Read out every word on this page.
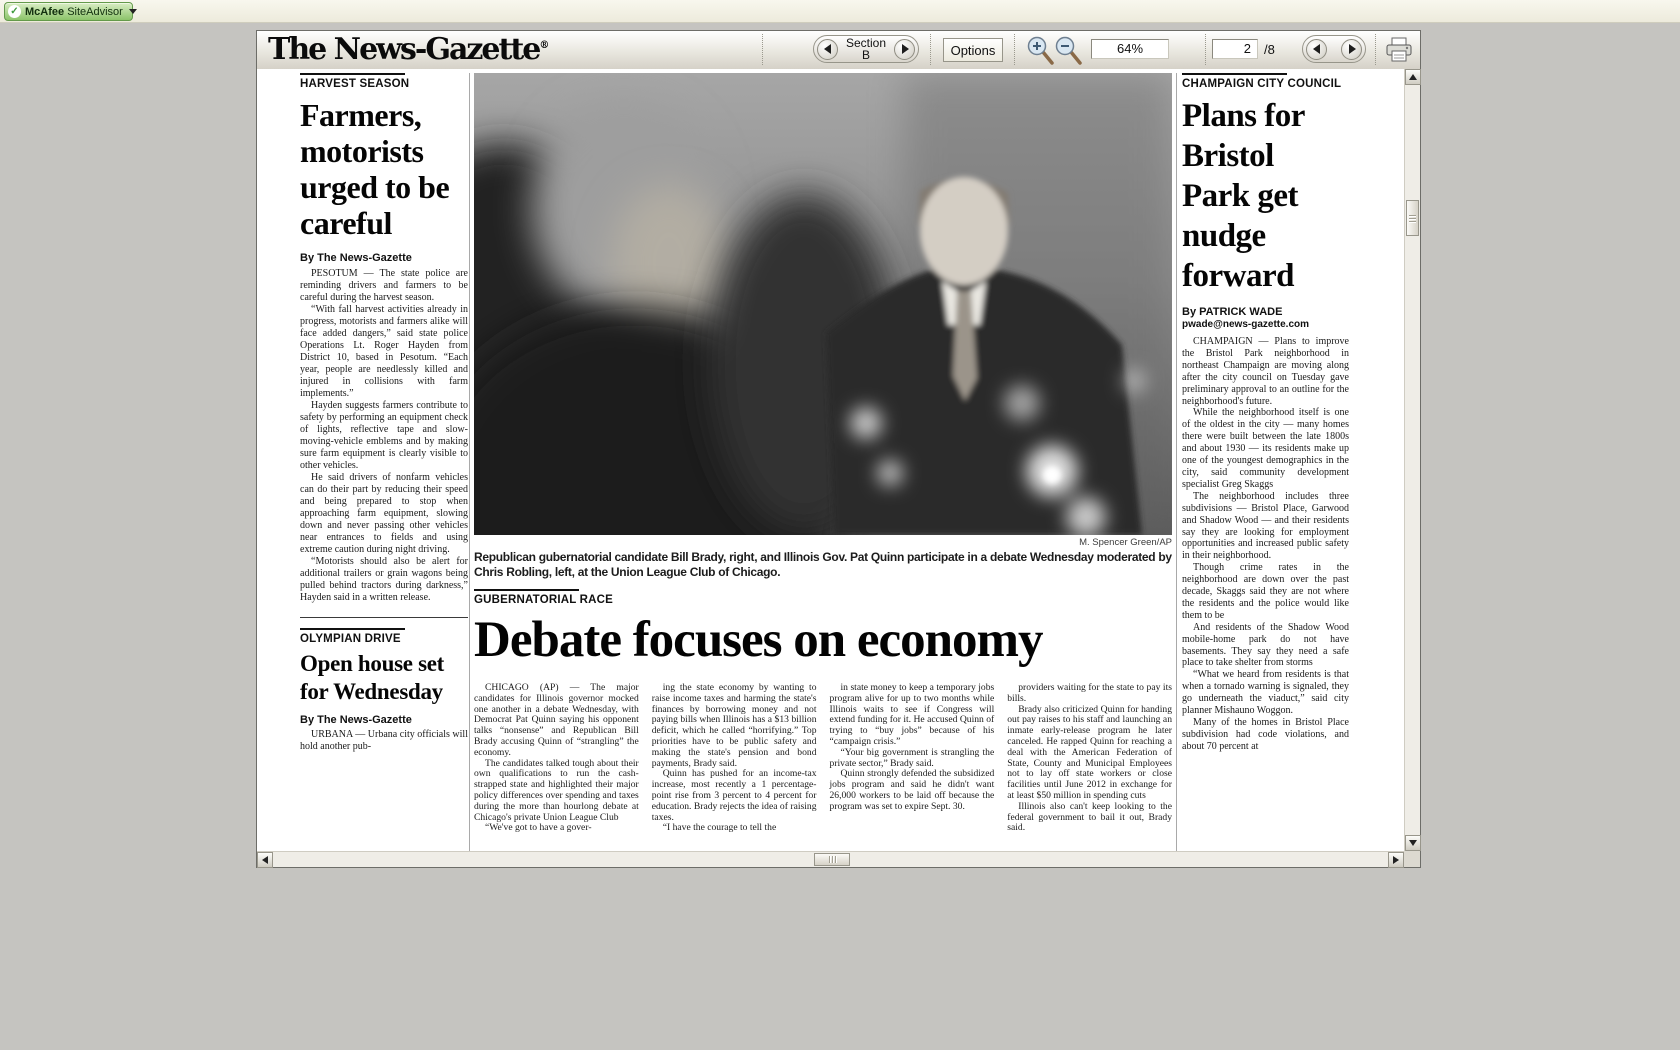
✓ McAfee SiteAdvisor
The News-Gazette®	Section
B	Options	64%	2	/8
HARVEST SEASON
Farmers, motorists urged to be careful
By The News-Gazette

PESOTUM — The state police are reminding drivers and farmers to be careful during the harvest season.

“With fall harvest activities already in progress, motorists and farmers alike will face added dangers,” said state police Operations Lt. Roger Hayden from District 10, based in Pesotum. “Each year, people are needlessly killed and injured in collisions with farm implements.”

Hayden suggests farmers contribute to safety by performing an equipment check of lights, reflective tape and slow-moving-vehicle emblems and by making sure farm equipment is clearly visible to other vehicles.

He said drivers of nonfarm vehicles can do their part by reducing their speed and being prepared to stop when approaching farm equipment, slowing down and never passing other vehicles near entrances to fields and using extreme caution during night driving.

“Motorists should also be alert for additional trailers or grain wagons being pulled behind tractors during darkness,” Hayden said in a written release.

OLYMPIAN DRIVE
Open house set for Wednesday
By The News-Gazette

URBANA — Urbana city officials will hold another pub-

M. Spencer Green/AP
Republican gubernatorial candidate Bill Brady, right, and Illinois Gov. Pat Quinn participate in a debate Wednesday moderated by Chris Robling, left, at the Union League Club of Chicago.
GUBERNATORIAL RACE
Debate focuses on economy

CHICAGO (AP) — The major candidates for Illinois governor mocked one another in a debate Wednesday, with Democrat Pat Quinn saying his opponent talks “nonsense” and Republican Bill Brady accusing Quinn of “strangling” the economy.

The candidates talked tough about their own qualifications to run the cash-strapped state and highlighted their major policy differences over spending and taxes during the more than hourlong debate at Chicago's private Union League Club

“We've got to have a gover-

ing the state economy by wanting to raise income taxes and harming the state's finances by borrowing money and not paying bills when Illinois has a $13 billion deficit, which he called “horrifying.” Top priorities have to be public safety and making the state's pension and bond payments, Brady said.

Quinn has pushed for an income-tax increase, most recently a 1 percentage-point rise from 3 percent to 4 percent for education. Brady rejects the idea of raising taxes.

“I have the courage to tell the

in state money to keep a temporary jobs program alive for up to two months while Illinois waits to see if Congress will extend funding for it. He accused Quinn of trying to “buy jobs” because of his “campaign crisis.”

“Your big government is strangling the private sector,” Brady said.

Quinn strongly defended the subsidized jobs program and said he didn't want 26,000 workers to be laid off because the program was set to expire Sept. 30.

providers waiting for the state to pay its bills.

Brady also criticized Quinn for handing out pay raises to his staff and launching an inmate early-release program he later canceled. He rapped Quinn for reaching a deal with the American Federation of State, County and Municipal Employees not to lay off state workers or close facilities until June 2012 in exchange for at least $50 million in spending cuts

Illinois also can't keep looking to the federal government to bail it out, Brady said.

CHAMPAIGN CITY COUNCIL
Plans for Bristol Park get nudge forward
By PATRICK WADE
pwade@news-gazette.com

CHAMPAIGN — Plans to improve the Bristol Park neighborhood in northeast Champaign are moving along after the city council on Tuesday gave preliminary approval to an outline for the neighborhood's future.

While the neighborhood itself is one of the oldest in the city — many homes there were built between the late 1800s and about 1930 — its residents make up one of the youngest demographics in the city, said community development specialist Greg Skaggs

The neighborhood includes three subdivisions — Bristol Place, Garwood and Shadow Wood — and their residents say they are looking for employment opportunities and increased public safety in their neighborhood.

Though crime rates in the neighborhood are down over the past decade, Skaggs said they are not where the residents and the police would like them to be

And residents of the Shadow Wood mobile-home park do not have basements. They say they need a safe place to take shelter from storms

“What we heard from residents is that when a tornado warning is signaled, they go underneath the viaduct,” said city planner Mishauno Woggon.

Many of the homes in Bristol Place subdivision had code violations, and about 70 percent at
